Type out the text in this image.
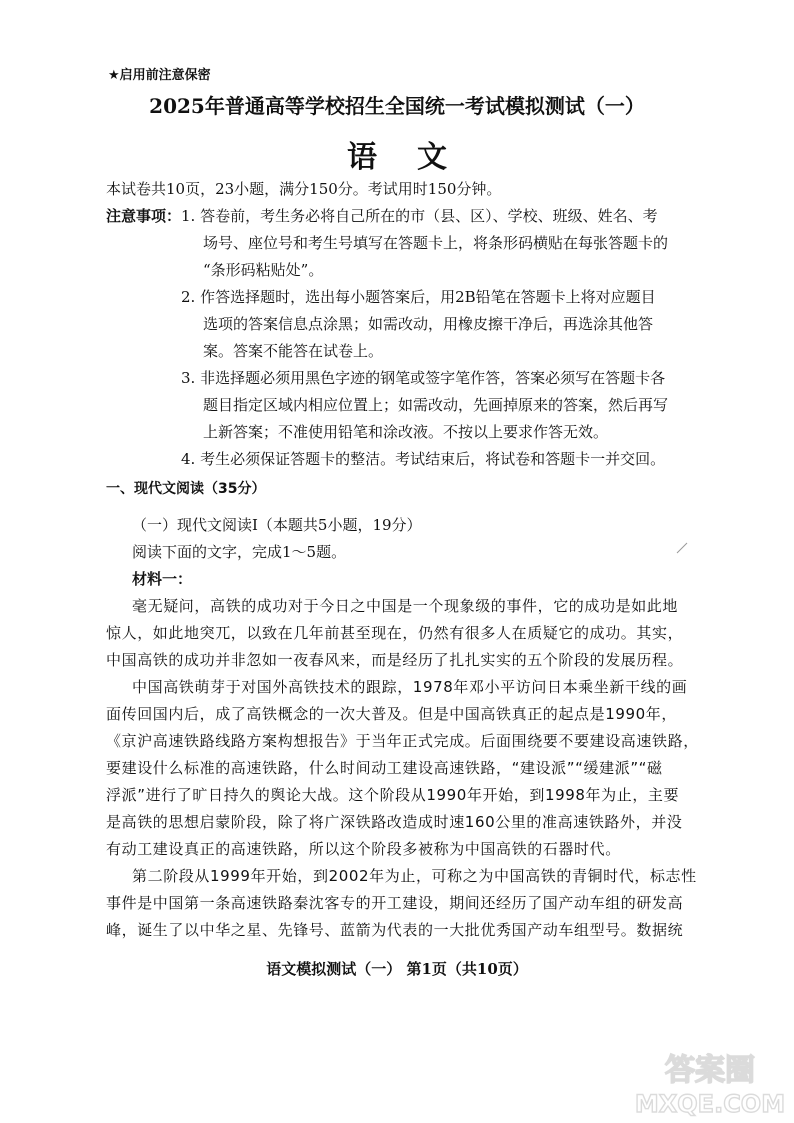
★启用前注意保密
2025年普通高等学校招生全国统一考试模拟测试（一）
语文
本试卷共10页，23小题，满分150分。考试用时150分钟。
注意事项： 1. 答卷前，考生务必将自己所在的市（县、区）、学校、班级、姓名、考
场号、座位号和考生号填写在答题卡上，将条形码横贴在每张答题卡的
“条形码粘贴处”。
2. 作答选择题时，选出每小题答案后，用2B铅笔在答题卡上将对应题目
选项的答案信息点涂黑；如需改动，用橡皮擦干净后，再选涂其他答
案。答案不能答在试卷上。
3. 非选择题必须用黑色字迹的钢笔或签字笔作答，答案必须写在答题卡各
题目指定区域内相应位置上；如需改动，先画掉原来的答案，然后再写
上新答案；不准使用铅笔和涂改液。不按以上要求作答无效。
4. 考生必须保证答题卡的整洁。考试结束后，将试卷和答题卡一并交回。
一、现代文阅读（35分）
（一）现代文阅读Ⅰ（本题共5小题，19分）
阅读下面的文字，完成1～5题。
材料一：
毫无疑问，高铁的成功对于今日之中国是一个现象级的事件，它的成功是如此地
惊人，如此地突兀，以致在几年前甚至现在，仍然有很多人在质疑它的成功。其实，
中国高铁的成功并非忽如一夜春风来，而是经历了扎扎实实的五个阶段的发展历程。
中国高铁萌芽于对国外高铁技术的跟踪，1978年邓小平访问日本乘坐新干线的画
面传回国内后，成了高铁概念的一次大普及。但是中国高铁真正的起点是1990年，
《京沪高速铁路线路方案构想报告》于当年正式完成。后面围绕要不要建设高速铁路，
要建设什么标准的高速铁路，什么时间动工建设高速铁路，“建设派”“缓建派”“磁
浮派”进行了旷日持久的舆论大战。这个阶段从1990年开始，到1998年为止，主要
是高铁的思想启蒙阶段，除了将广深铁路改造成时速160公里的准高速铁路外，并没
有动工建设真正的高速铁路，所以这个阶段多被称为中国高铁的石器时代。
第二阶段从1999年开始，到2002年为止，可称之为中国高铁的青铜时代，标志性
事件是中国第一条高速铁路秦沈客专的开工建设，期间还经历了国产动车组的研发高
峰，诞生了以中华之星、先锋号、蓝箭为代表的一大批优秀国产动车组型号。数据统
语文模拟测试（一） 第1页（共10页）
答案圈
MXQE.COM
